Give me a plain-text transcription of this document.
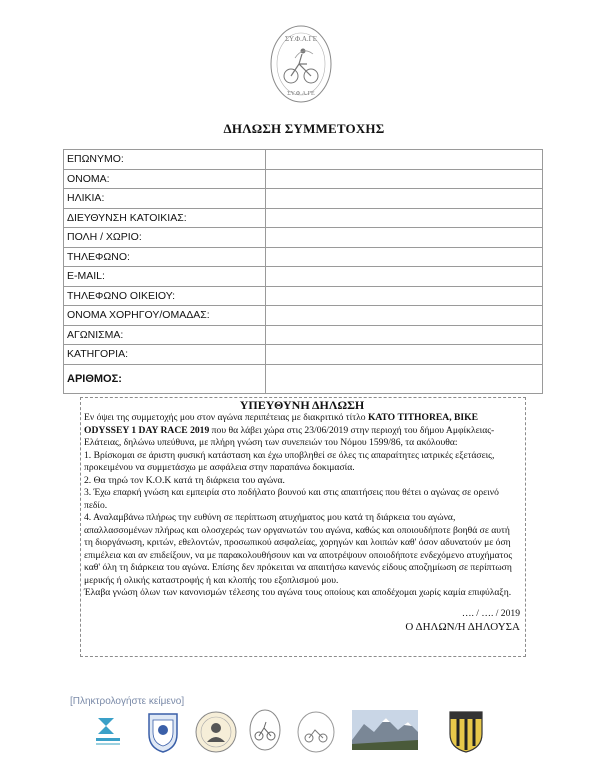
ΣΥ.Φ.Α.ΓΕ
ΣΥ.Φ.Α.ΓΕ
ΔΗΛΩΣΗ ΣΥΜΜΕΤΟΧΗΣ
ΕΠΩΝΥΜΟ:	
ΟΝΟΜΑ:	
ΗΛΙΚΙΑ:	
ΔΙΕΥΘΥΝΣΗ ΚΑΤΟΙΚΙΑΣ:	
ΠΟΛΗ / ΧΩΡΙΟ:	
ΤΗΛΕΦΩΝΟ:	
E-MAIL:	
ΤΗΛΕΦΩΝΟ ΟΙΚΕΙΟΥ:	
ΟΝΟΜΑ ΧΟΡΗΓΟΥ/ΟΜΑΔΑΣ:	
ΑΓΩΝΙΣΜΑ:	
ΚΑΤΗΓΟΡΙΑ:	
ΑΡΙΘΜΟΣ:	
ΥΠΕΥΘΥΝΗ ΔΗΛΩΣΗ

Εν όψει της συμμετοχής μου στον αγώνα περιπέτειας με διακριτικό τίτλο ΚΑΤΟ TITHOREA, BIKE ODYSSEY 1 DAY RACE 2019 που θα λάβει χώρα στις 23/06/2019 στην περιοχή του δήμου Αμφίκλειας-Ελάτειας, δηλώνω υπεύθυνα, με πλήρη γνώση των συνεπειών του Νόμου 1599/86, τα ακόλουθα:

1. Βρίσκομαι σε άριστη φυσική κατάσταση και έχω υποβληθεί σε όλες τις απαραίτητες ιατρικές εξετάσεις, προκειμένου να συμμετάσχω με ασφάλεια στην παραπάνω δοκιμασία.

2. Θα τηρώ τον Κ.Ο.Κ κατά τη διάρκεια του αγώνα.

3. Έχω επαρκή γνώση και εμπειρία στο ποδήλατο βουνού και στις απαιτήσεις που θέτει ο αγώνας σε ορεινό πεδίο.

4. Αναλαμβάνω πλήρως την ευθύνη σε περίπτωση ατυχήματος μου κατά τη διάρκεια του αγώνα, απαλλασσομένων πλήρως και ολοσχερώς των οργανωτών του αγώνα, καθώς και οποιουδήποτε βοηθά σε αυτή τη διοργάνωση, κριτών, εθελοντών, προσωπικού ασφαλείας, χορηγών και λοιπών καθ' όσον αδυνατούν με όση επιμέλεια και αν επιδείξουν, να με παρακολουθήσουν και να αποτρέψουν οποιοδήποτε ενδεχόμενο ατυχήματος καθ' όλη τη διάρκεια του αγώνα. Επίσης δεν πρόκειται να απαιτήσω κανενός είδους αποζημίωση σε περίπτωση μερικής ή ολικής καταστροφής ή και κλοπής του εξοπλισμού μου.

Έλαβα γνώση όλων των κανονισμών τέλεσης του αγώνα τους οποίους και αποδέχομαι χωρίς καμία επιφύλαξη.

…. / …. / 2019

Ο ΔΗΛΩΝ/Η ΔΗΛΟΥΣΑ

[Πληκτρολογήστε κείμενο]
